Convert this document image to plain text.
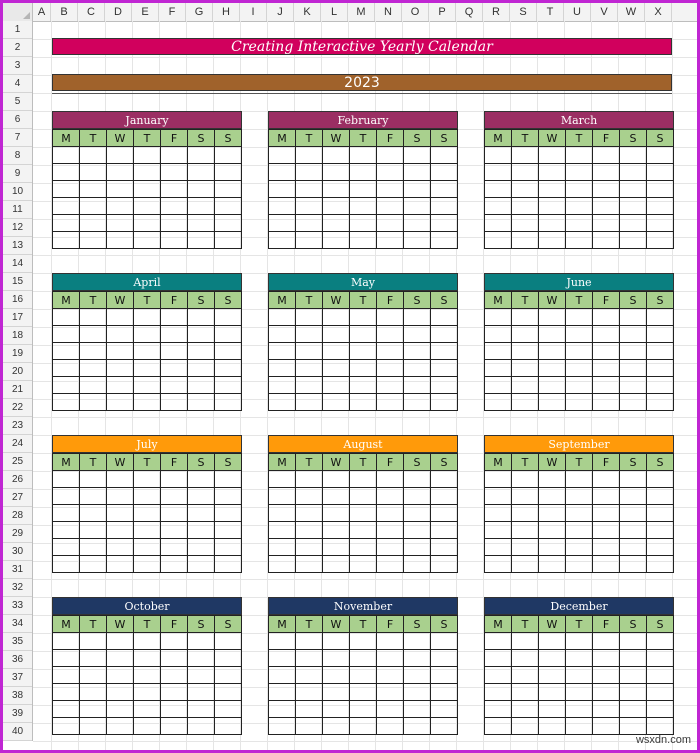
A	B	C	D	E	F	G	H	I	J	K	L	M	N	O	P	Q	R	S	T	U	V	W	X
1
2
3
4
5
6
7
8
9
10
11
12
13
14
15
16
17
18
19
20
21
22
23
24
25
26
27
28
29
30
31
32
33
34
35
36
37
38
39
40
Creating Interactive Yearly Calendar
2023
January
M	T	W	T	F	S	S

February
M	T	W	T	F	S	S

March
M	T	W	T	F	S	S

April
M	T	W	T	F	S	S

May
M	T	W	T	F	S	S

June
M	T	W	T	F	S	S

July
M	T	W	T	F	S	S

August
M	T	W	T	F	S	S

September
M	T	W	T	F	S	S

October
M	T	W	T	F	S	S

November
M	T	W	T	F	S	S

December
M	T	W	T	F	S	S

wsxdn.com
